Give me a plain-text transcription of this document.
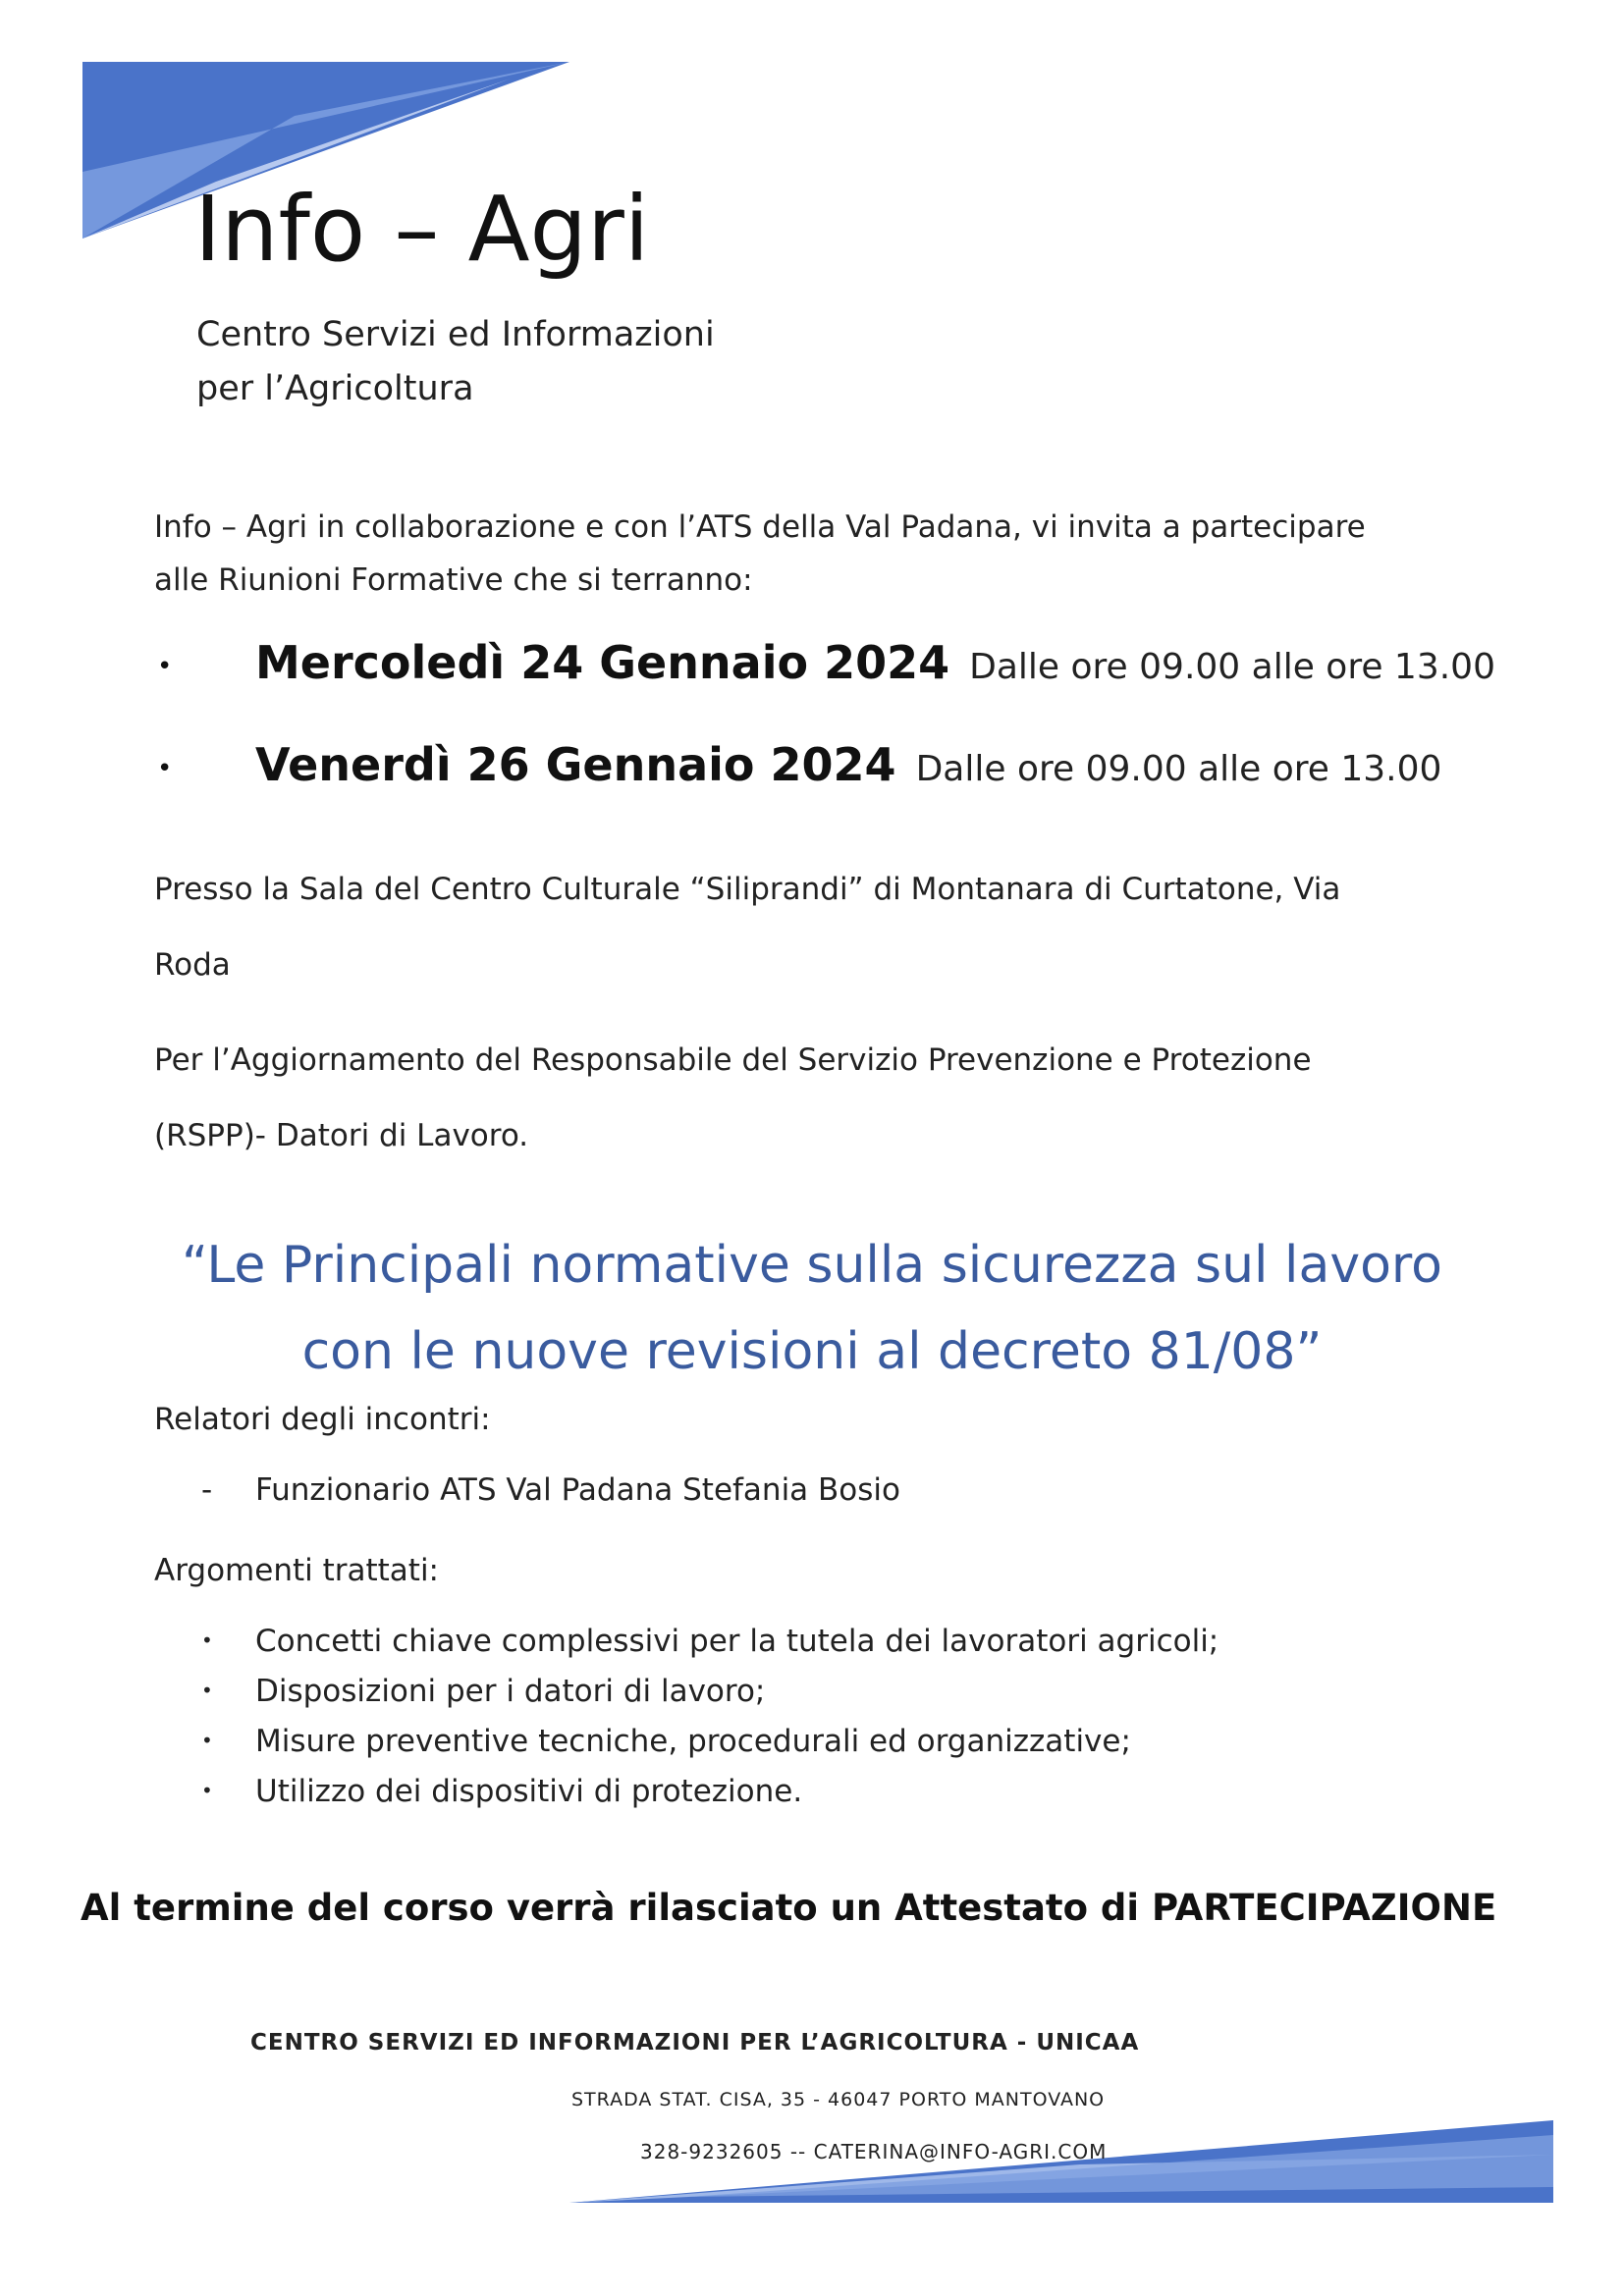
Info – Agri
Centro Servizi ed Informazioni
per l’Agricoltura
Info – Agri in collaborazione e con l’ATS della Val Padana, vi invita a partecipare
alle Riunioni Formative che si terranno:
•	Mercoledì 24 Gennaio 2024 Dalle ore 09.00 alle ore 13.00
•	Venerdì 26 Gennaio 2024 Dalle ore 09.00 alle ore 13.00
Presso la Sala del Centro Culturale “Siliprandi” di Montanara di Curtatone, Via
Roda
Per l’Aggiornamento del Responsabile del Servizio Prevenzione e Protezione
(RSPP)- Datori di Lavoro.
“Le Principali normative sulla sicurezza sul lavoro
con le nuove revisioni al decreto 81/08”
Relatori degli incontri:
- Funzionario ATS Val Padana Stefania Bosio
Argomenti trattati:
• Concetti chiave complessivi per la tutela dei lavoratori agricoli;
• Disposizioni per i datori di lavoro;
• Misure preventive tecniche, procedurali ed organizzative;
• Utilizzo dei dispositivi di protezione.
Al termine del corso verrà rilasciato un Attestato di PARTECIPAZIONE
CENTRO SERVIZI ED INFORMAZIONI PER L’AGRICOLTURA - UNICAA
STRADA STAT. CISA, 35 - 46047 PORTO MANTOVANO
328-9232605 -- CATERINA@INFO-AGRI.COM
